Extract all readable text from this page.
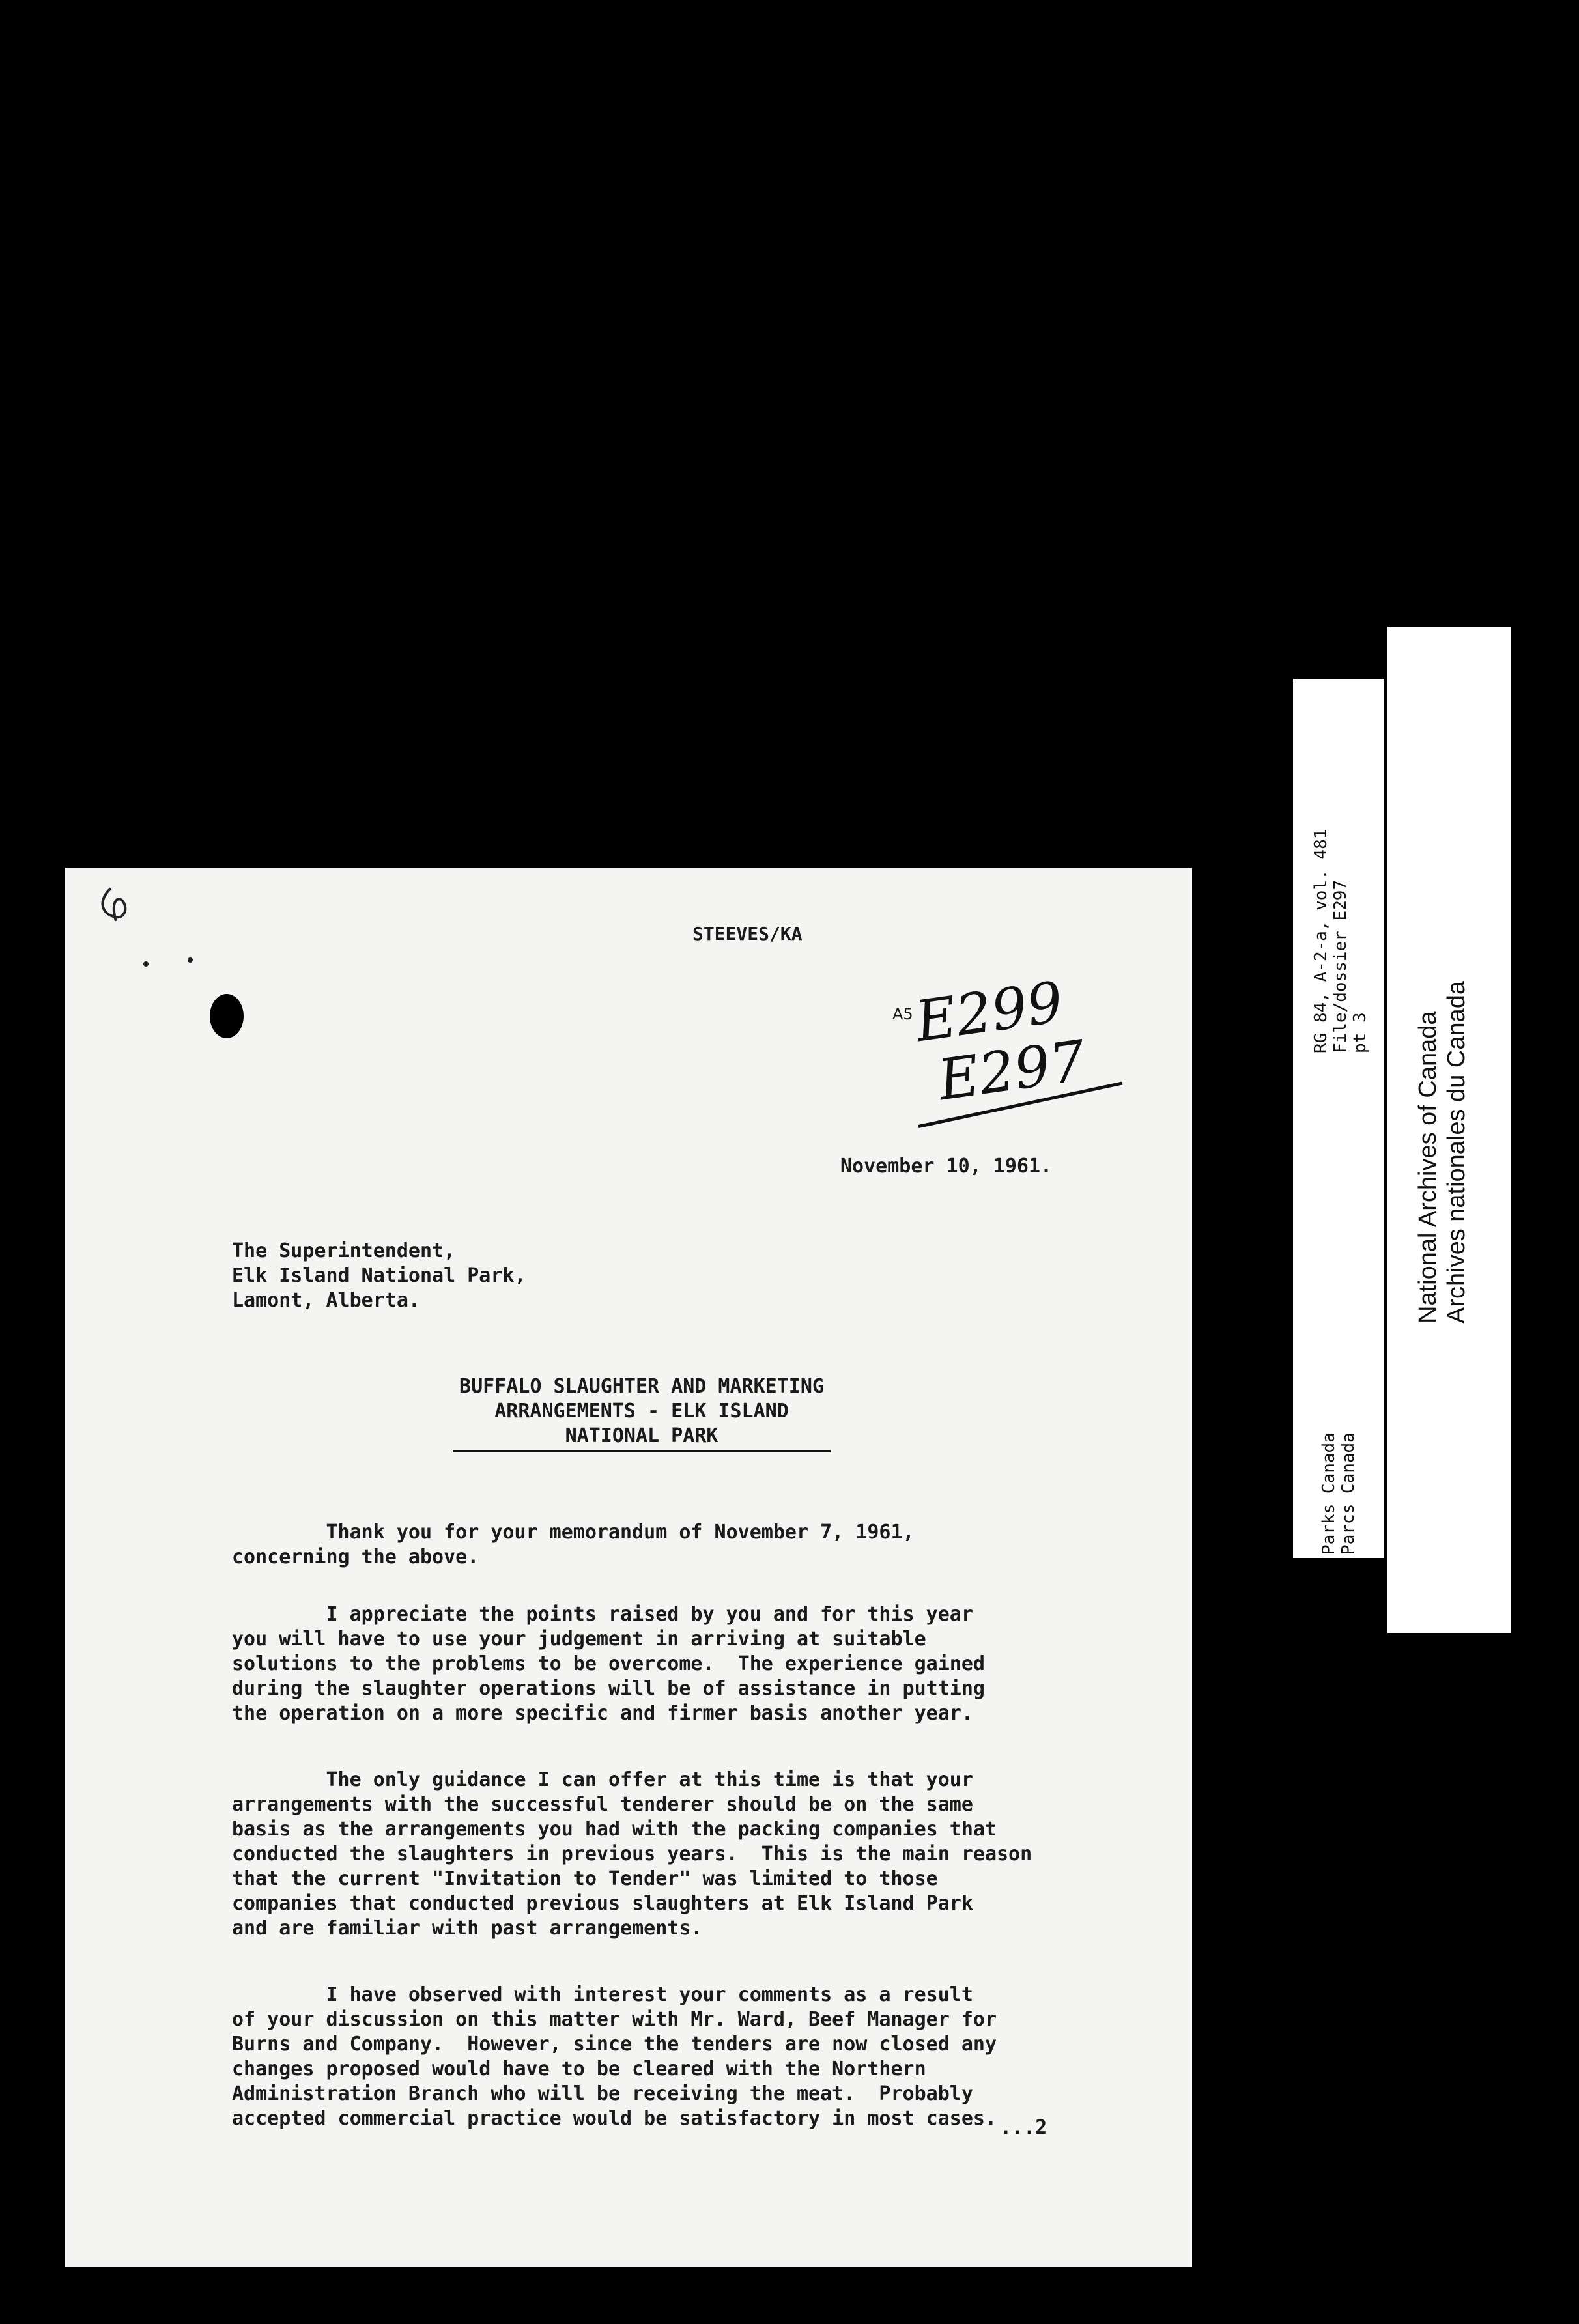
STEEVES/KA
A5
E299
E297
November 10, 1961.
The Superintendent,
Elk Island National Park,
Lamont, Alberta.
BUFFALO SLAUGHTER AND MARKETING
ARRANGEMENTS - ELK ISLAND
NATIONAL PARK
Thank you for your memorandum of November 7, 1961,
concerning the above.
I appreciate the points raised by you and for this year
you will have to use your judgement in arriving at suitable
solutions to the problems to be overcome.  The experience gained
during the slaughter operations will be of assistance in putting
the operation on a more specific and firmer basis another year.
The only guidance I can offer at this time is that your
arrangements with the successful tenderer should be on the same
basis as the arrangements you had with the packing companies that
conducted the slaughters in previous years.  This is the main reason
that the current "Invitation to Tender" was limited to those
companies that conducted previous slaughters at Elk Island Park
and are familiar with past arrangements.
I have observed with interest your comments as a result
of your discussion on this matter with Mr. Ward, Beef Manager for
Burns and Company.  However, since the tenders are now closed any
changes proposed would have to be cleared with the Northern
Administration Branch who will be receiving the meat.  Probably
accepted commercial practice would be satisfactory in most cases. ...2
Parks Canada Parcs Canada
RG 84, A-2-a, vol. 481 File/dossier E297 pt 3 National Archives of Canada Archives nationales du Canada
